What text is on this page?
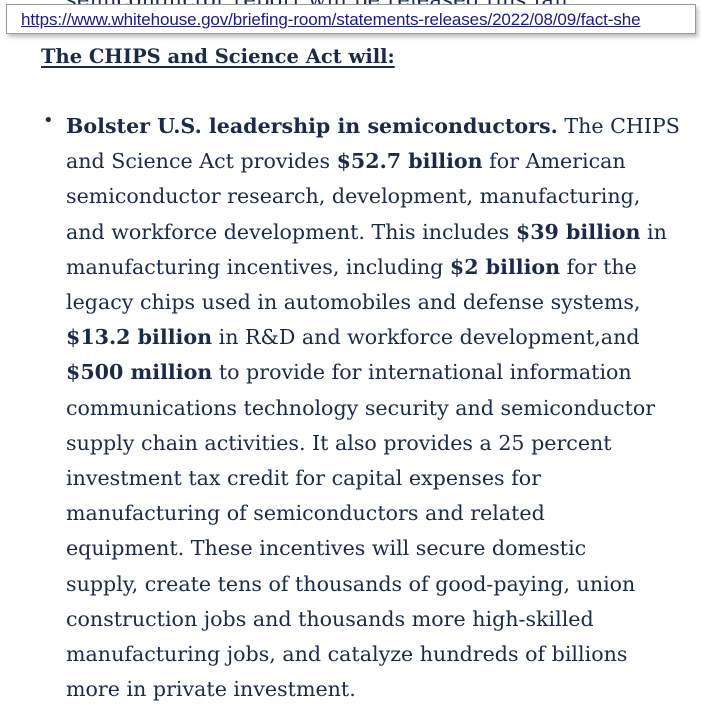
https://www.whitehouse.gov/briefing-room/statements-releases/2022/08/09/fact-she
The CHIPS and Science Act will:
• Bolster U.S. leadership in semiconductors. The CHIPS
and Science Act provides $52.7 billion for American
semiconductor research, development, manufacturing,
and workforce development. This includes $39 billion in
manufacturing incentives, including $2 billion for the
legacy chips used in automobiles and defense systems,
$13.2 billion in R&D and workforce development,and
$500 million to provide for international information
communications technology security and semiconductor
supply chain activities. It also provides a 25 percent
investment tax credit for capital expenses for
manufacturing of semiconductors and related
equipment. These incentives will secure domestic
supply, create tens of thousands of good-paying, union
construction jobs and thousands more high-skilled
manufacturing jobs, and catalyze hundreds of billions
more in private investment.
